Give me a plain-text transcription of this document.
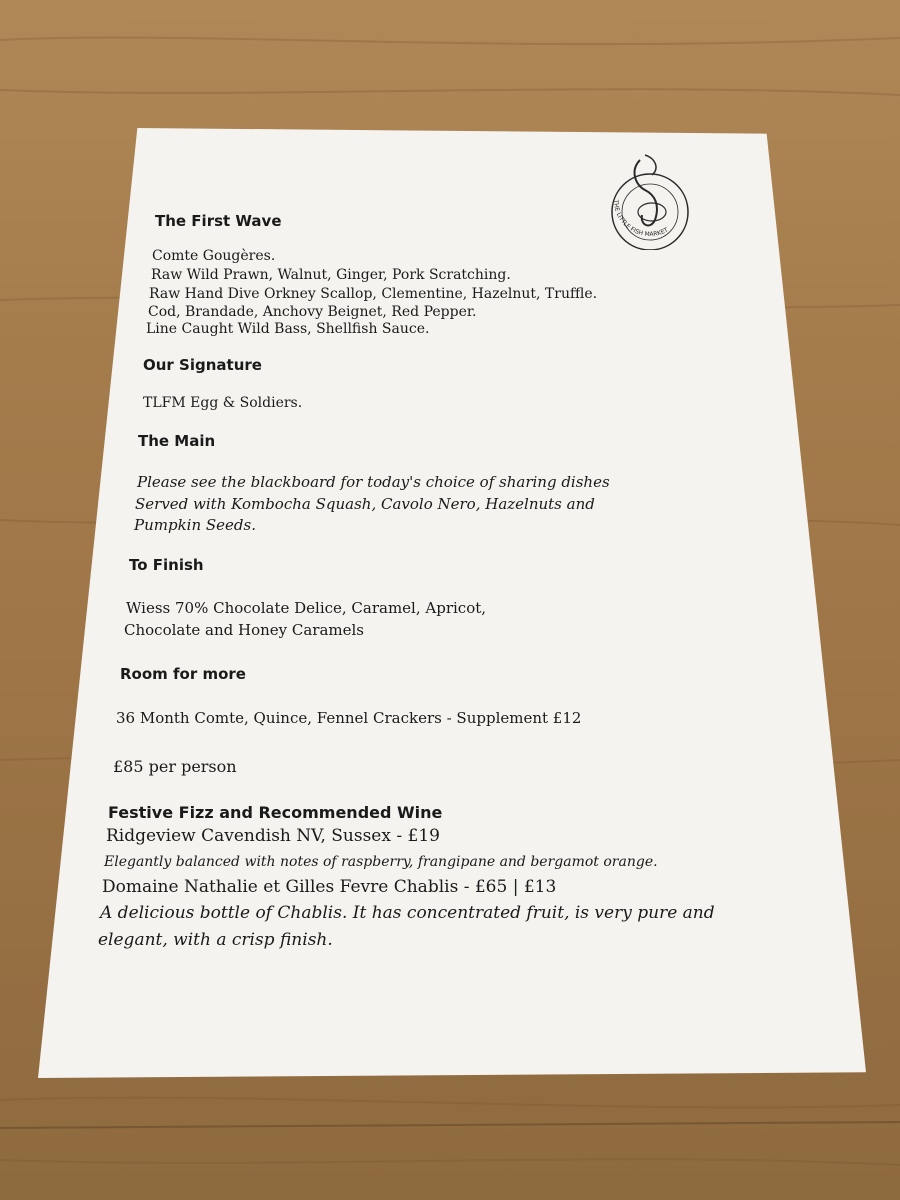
THE LITTLE FISH MARKET
The First Wave
Comte Gougères.
Raw Wild Prawn, Walnut, Ginger, Pork Scratching.
Raw Hand Dive Orkney Scallop, Clementine, Hazelnut, Truffle.
Cod, Brandade, Anchovy Beignet, Red Pepper.
Line Caught Wild Bass, Shellfish Sauce.
Our Signature
TLFM Egg & Soldiers.
The Main
Please see the blackboard for today's choice of sharing dishes
Served with Kombocha Squash, Cavolo Nero, Hazelnuts and
Pumpkin Seeds.
To Finish
Wiess 70% Chocolate Delice, Caramel, Apricot,
Chocolate and Honey Caramels
Room for more
36 Month Comte, Quince, Fennel Crackers - Supplement £12
£85 per person
Festive Fizz and Recommended Wine
Ridgeview Cavendish NV, Sussex - £19
Elegantly balanced with notes of raspberry, frangipane and bergamot orange.
Domaine Nathalie et Gilles Fevre Chablis - £65 | £13
A delicious bottle of Chablis. It has concentrated fruit, is very pure and
elegant, with a crisp finish.
